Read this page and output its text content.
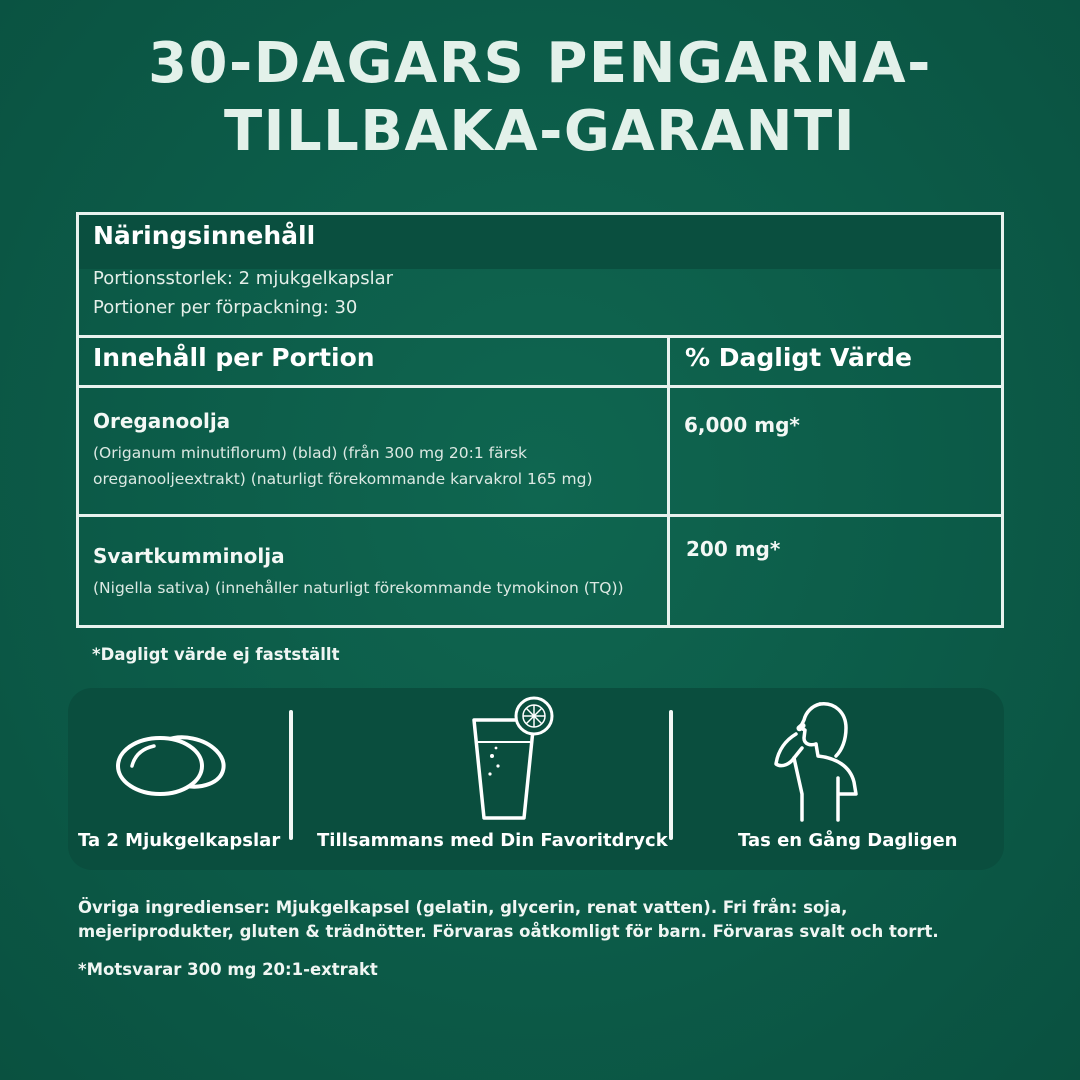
30-DAGARS PENGARNA-
TILLBAKA-GARANTI
Näringsinnehåll
Portionsstorlek: 2 mjukgelkapslar
Portioner per förpackning: 30
Innehåll per Portion	% Dagligt Värde
Oreganoolja
(Origanum minutiflorum) (blad) (från 300 mg 20:1 färsk oreganooljeextrakt) (naturligt förekommande karvakrol 165 mg)
6,000 mg*
Svartkumminolja
(Nigella sativa) (innehåller naturligt förekommande tymokinon (TQ))
200 mg*
*Dagligt värde ej fastställt
Ta 2 Mjukgelkapslar Tillsammans med Din Favoritdryck	Tas en Gång Dagligen
Övriga ingredienser: Mjukgelkapsel (gelatin, glycerin, renat vatten). Fri från: soja, mejeriprodukter, gluten & trädnötter. Förvaras oåtkomligt för barn. Förvaras svalt och torrt.
*Motsvarar 300 mg 20:1-extrakt
